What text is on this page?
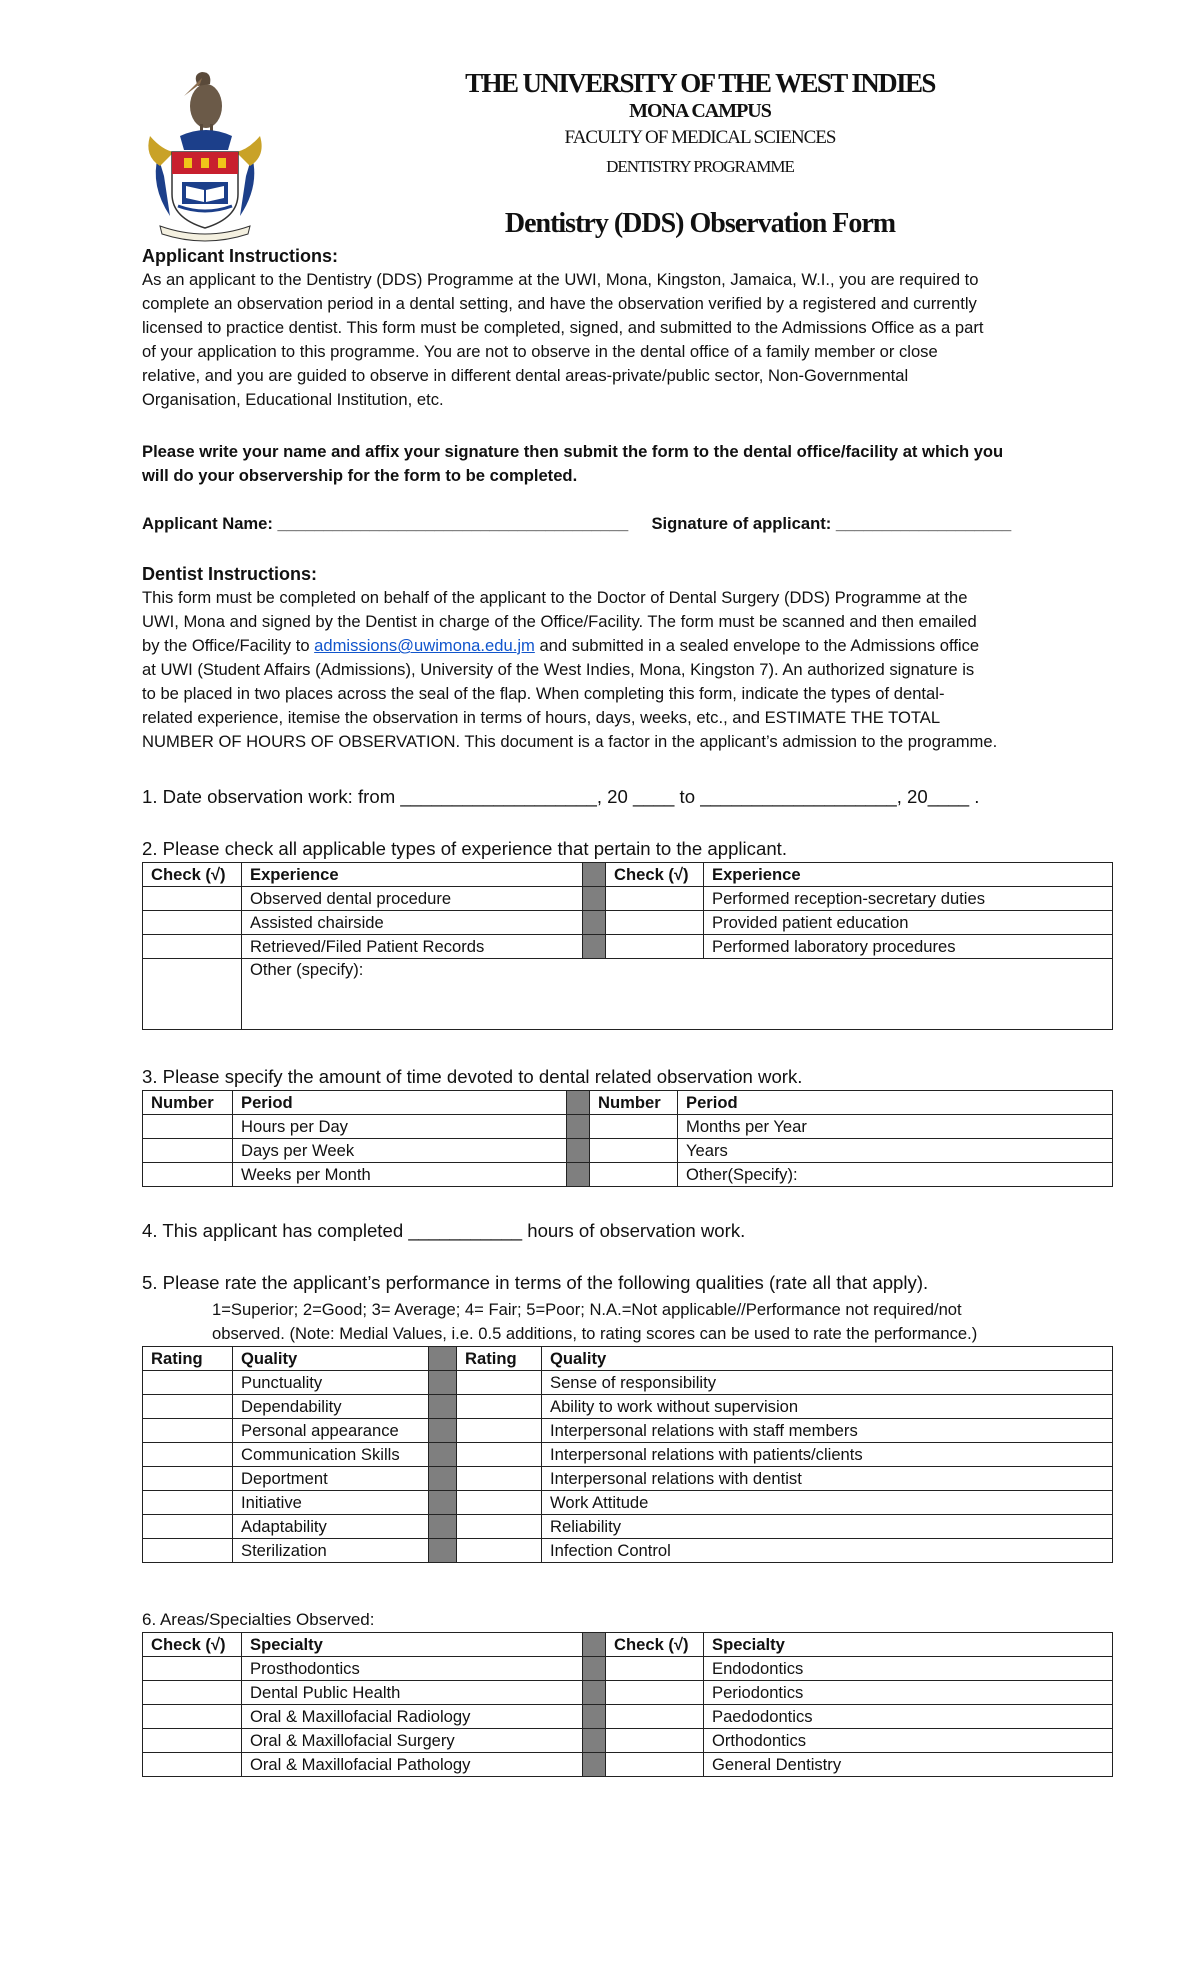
THE UNIVERSITY OF THE WEST INDIES
MONA CAMPUS
FACULTY OF MEDICAL SCIENCES
DENTISTRY PROGRAMME
Dentistry (DDS) Observation Form
Applicant Instructions:
As an applicant to the Dentistry (DDS) Programme at the UWI, Mona, Kingston, Jamaica, W.I., you are required to
complete an observation period in a dental setting, and have the observation verified by a registered and currently
licensed to practice dentist. This form must be completed, signed, and submitted to the Admissions Office as a part
of your application to this programme. You are not to observe in the dental office of a family member or close
relative, and you are guided to observe in different dental areas-private/public sector, Non-Governmental
Organisation, Educational Institution, etc.
Please write your name and affix your signature then submit the form to the dental office/facility at which you
will do your observership for the form to be completed.
Applicant Name: ______________________________________ Signature of applicant: ___________________
Dentist Instructions:
This form must be completed on behalf of the applicant to the Doctor of Dental Surgery (DDS) Programme at the
UWI, Mona and signed by the Dentist in charge of the Office/Facility. The form must be scanned and then emailed
by the Office/Facility to admissions@uwimona.edu.jm and submitted in a sealed envelope to the Admissions office
at UWI (Student Affairs (Admissions), University of the West Indies, Mona, Kingston 7). An authorized signature is
to be placed in two places across the seal of the flap. When completing this form, indicate the types of dental-
related experience, itemise the observation in terms of hours, days, weeks, etc., and ESTIMATE THE TOTAL
NUMBER OF HOURS OF OBSERVATION. This document is a factor in the applicant’s admission to the programme.
1. Date observation work: from ___________________, 20 ____ to ___________________, 20____ .
2. Please check all applicable types of experience that pertain to the applicant.
Check (√)	Experience		Check (√)	Experience
	Observed dental procedure			Performed reception-secretary duties
	Assisted chairside			Provided patient education
	Retrieved/Filed Patient Records			Performed laboratory procedures
	Other (specify):			
3. Please specify the amount of time devoted to dental related observation work.
Number	Period		Number	Period
	Hours per Day			Months per Year
	Days per Week			Years
	Weeks per Month			Other(Specify):
4. This applicant has completed ___________ hours of observation work.
5. Please rate the applicant’s performance in terms of the following qualities (rate all that apply).
1=Superior; 2=Good; 3= Average; 4= Fair; 5=Poor; N.A.=Not applicable//Performance not required/not
observed. (Note: Medial Values, i.e. 0.5 additions, to rating scores can be used to rate the performance.)
Rating	Quality		Rating	Quality
	Punctuality			Sense of responsibility
	Dependability			Ability to work without supervision
	Personal appearance			Interpersonal relations with staff members
	Communication Skills			Interpersonal relations with patients/clients
	Deportment			Interpersonal relations with dentist
	Initiative			Work Attitude
	Adaptability			Reliability
	Sterilization			Infection Control
6. Areas/Specialties Observed:
Check (√)	Specialty		Check (√)	Specialty
	Prosthodontics			Endodontics
	Dental Public Health			Periodontics
	Oral & Maxillofacial Radiology			Paedodontics
	Oral & Maxillofacial Surgery			Orthodontics
	Oral & Maxillofacial Pathology			General Dentistry
